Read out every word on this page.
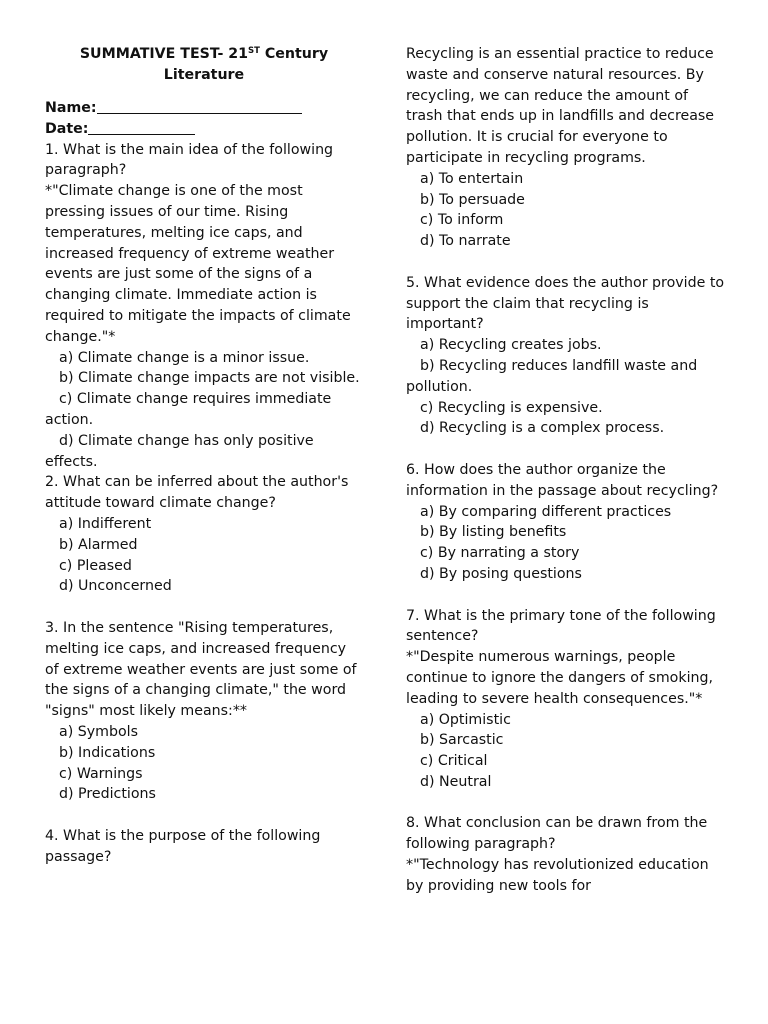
SUMMATIVE TEST- 21ST Century Literature
Name:
Date:

1. What is the main idea of the following paragraph?

*"Climate change is one of the most pressing issues of our time. Rising temperatures, melting ice caps, and increased frequency of extreme weather events are just some of the signs of a changing climate. Immediate action is required to mitigate the impacts of climate change."*

a) Climate change is a minor issue.

b) Climate change impacts are not visible.

c) Climate change requires immediate action.

d) Climate change has only positive effects.

2. What can be inferred about the author's attitude toward climate change?

a) Indifferent

b) Alarmed

c) Pleased

d) Unconcerned

3. In the sentence "Rising temperatures, melting ice caps, and increased frequency of extreme weather events are just some of the signs of a changing climate," the word "signs" most likely means:**

a) Symbols

b) Indications

c) Warnings

d) Predictions

4. What is the purpose of the following passage?

Recycling is an essential practice to reduce waste and conserve natural resources. By recycling, we can reduce the amount of trash that ends up in landfills and decrease pollution. It is crucial for everyone to participate in recycling programs.

a) To entertain

b) To persuade

c) To inform

d) To narrate

5. What evidence does the author provide to support the claim that recycling is important?

a) Recycling creates jobs.

b) Recycling reduces landfill waste and pollution.

c) Recycling is expensive.

d) Recycling is a complex process.

6. How does the author organize the information in the passage about recycling?

a) By comparing different practices

b) By listing benefits

c) By narrating a story

d) By posing questions

7. What is the primary tone of the following sentence?

*"Despite numerous warnings, people continue to ignore the dangers of smoking, leading to severe health consequences."*

a) Optimistic

b) Sarcastic

c) Critical

d) Neutral

8. What conclusion can be drawn from the following paragraph?

*"Technology has revolutionized education by providing new tools for
